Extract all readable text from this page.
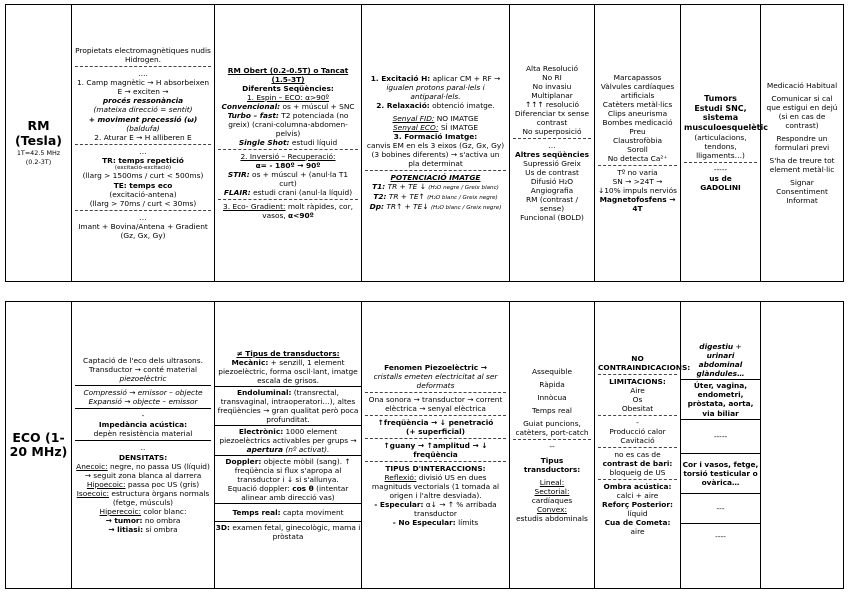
RM (Tesla)
1T=42.5 MHz
(0.2-3T)

Propietats electromagnètiques nudis Hidrogen.
….
1. Camp magnètic → H absorbeixen E → exciten →
procés ressonància
(mateixa direcció = sentit)
+ moviment precessió (ω)
(baldufa)
2. Aturar E → H alliberen E
…
TR: temps repetició
(excitació-excitació)
(llarg > 1500ms / curt < 500ms)
TE: temps eco
(excitació-antena)
(llarg > 70ms / curt < 30ms)
…
Imant + Bovina/Antena + Gradient (Gz, Gx, Gy)

RM Obert (0.2-0.5T) o Tancat (1.5-3T)
Diferents Seqüències:
1. Espin – ECO: α>90º
Convencional: os + múscul + SNC
Turbo – fast: T2 potenciada (no greix) (crani-columna-abdomen-pelvis)
Single Shot: estudi líquid
2. Inversió – Recuperació:
α= - 180º → 90º
STIR: os + múscul + (anul·la T1 curt)
FLAIR: estudi crani (anul·la líquid)
3. Eco- Gradient: molt ràpides, cor, vasos, α<90º

1. Excitació H: aplicar CM + RF → igualen protons paral·lels i antiparal·lels.
2. Relaxació: obtenció imatge.
Senyal FID: NO IMATGE
Senyal ECO: SÍ IMATGE
3. Formació Imatge:
canvis EM en els 3 eixos (Gz, Gx, Gy) (3 bobines diferents) → s'activa un pla determinat
POTENCIACIÓ IMATGE
T1: TR + TE ↓ (H₂O negre / Greix blanc)
T2: TR + TE↑ (H₂O blanc / Greix negre)
Dp: TR↑ + TE↓ (H₂O blanc / Greix negre)

Alta Resolució
No RI
No invasiu
Multiplanar
↑↑↑ resolució
Diferenciar tx sense contrast
No superposició
…
Altres seqüències
Supressió Greix
Us de contrast
Difusió H₂O
Angiografia
RM (contrast / sense)
Funcional (BOLD)

Marcapassos
Vàlvules cardíaques artificials
Catèters metàl·lics
Clips aneurisma
Bombes medicació
Preu
Claustrofòbia
Soroll
No detecta Ca²⁺
Tº no varia
SN → >24T →
↓10% impuls nerviós
Magnetofosfens → 4T

Tumors
Estudi SNC, sistema musculoesquelètic
(articulacions, tendons, lligaments…)
-----
us de
GADOLINI

Medicació Habitual
Comunicar si cal que estigui en dejú (si en cas de contrast)
Respondre un formulari previ
S'ha de treure tot element metàl·lic
Signar Consentiment Informat
ECO (1-20 MHz)

Captació de l'eco dels ultrasons.
Transductor → conté material
piezoelèctric
Compressió → emissor – objecte
Expansió → objecte – emissor
-
Impedància acústica:
depèn resistència material
..
DENSITATS:
Anecoic: negre, no passa US (líquid) → seguit zona blanca al darrera
Hipoecoic: passa poc US (gris)
Isoecoic: estructura òrgans normals (fetge, músculs)
Hiperecoic: color blanc:
→ tumor: no ombra
→ litiasi: sí ombra

≠ Tipus de transductors:
Mecànic: + senzill, 1 element piezoelèctric, forma oscil·lant, imatge escala de grisos.
Endoluminal: (transrectal, transvaginal, intraoperatori…), altes freqüències → gran qualitat però poca profunditat.
Electrònic: 1000 element piezoelèctrics activables per grups → apertura (nº activat).
Doppler: objecte mòbil (sang). ↑ freqüència si flux s'apropa al transductor i ↓ si s'allunya.
Equació doppler: cos θ (intentar alinear amb direcció vas)
Temps real: capta moviment
3D: examen fetal, ginecològic, mama i pròstata

Fenomen Piezoelèctric →
cristalls emeten electricitat al ser deformats
Ona sonora → transductor → corrent elèctrica → senyal elèctrica
↑freqüència → ↓ penetració
(+ superficial)
↑guany → ↑amplitud → ↓ freqüència
TIPUS D'INTERACCIONS:
Reflexió: divisió US en dues magnituds vectorials (1 tomada al origen i l'altre desviada).
- Especular: α↓ → ↑ % arribada transductor
- No Especular: límits

Assequible
Ràpida
Innòcua
Temps real
Guiat puncions, catèters, port-catch
--
Tipus transductors:
Lineal:
Sectorial:
cardíaques
Convex:
estudis abdominals

NO CONTRAINDICACIONS:
LIMITACIONS:
Aire
Os
Obesitat
-
Producció calor
Cavitació
no es cas de
contrast de bari:
bloqueig de US
Ombra acústica:
calci + aire
Reforç Posterior:
líquid
Cua de Cometa:
aire

digestiu +
urinari
abdominal
glàndules…
Úter, vagina, endometri, pròstata, aorta, via biliar
-----
Cor i vasos, fetge, torsió testicular o ovàrica…
---
----
